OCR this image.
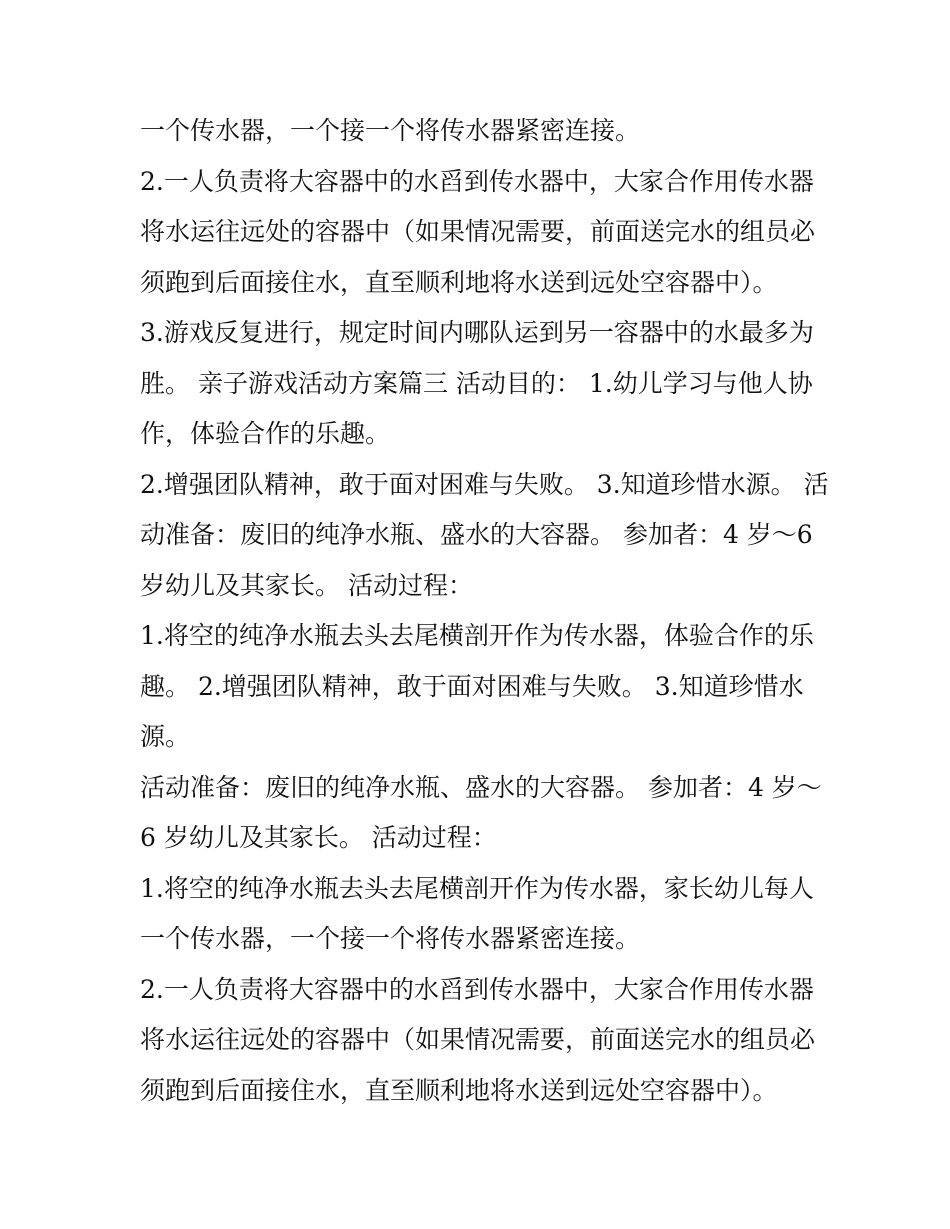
一个传水器，一个接一个将传水器紧密连接。
2.一人负责将大容器中的水舀到传水器中，大家合作用传水器
将水运往远处的容器中（如果情况需要，前面送完水的组员必
须跑到后面接住水，直至顺利地将水送到远处空容器中）。
3.游戏反复进行，规定时间内哪队运到另一容器中的水最多为
胜。 亲子游戏活动方案篇三 活动目的： 1.幼儿学习与他人协
作，体验合作的乐趣。
2.增强团队精神，敢于面对困难与失败。 3.知道珍惜水源。 活
动准备：废旧的纯净水瓶、盛水的大容器。 参加者：4 岁～6
岁幼儿及其家长。 活动过程：
1.将空的纯净水瓶去头去尾横剖开作为传水器，体验合作的乐
趣。 2.增强团队精神，敢于面对困难与失败。 3.知道珍惜水
源。
活动准备：废旧的纯净水瓶、盛水的大容器。 参加者：4 岁～
6 岁幼儿及其家长。 活动过程：
1.将空的纯净水瓶去头去尾横剖开作为传水器，家长幼儿每人
一个传水器，一个接一个将传水器紧密连接。
2.一人负责将大容器中的水舀到传水器中，大家合作用传水器
将水运往远处的容器中（如果情况需要，前面送完水的组员必
须跑到后面接住水，直至顺利地将水送到远处空容器中）。
